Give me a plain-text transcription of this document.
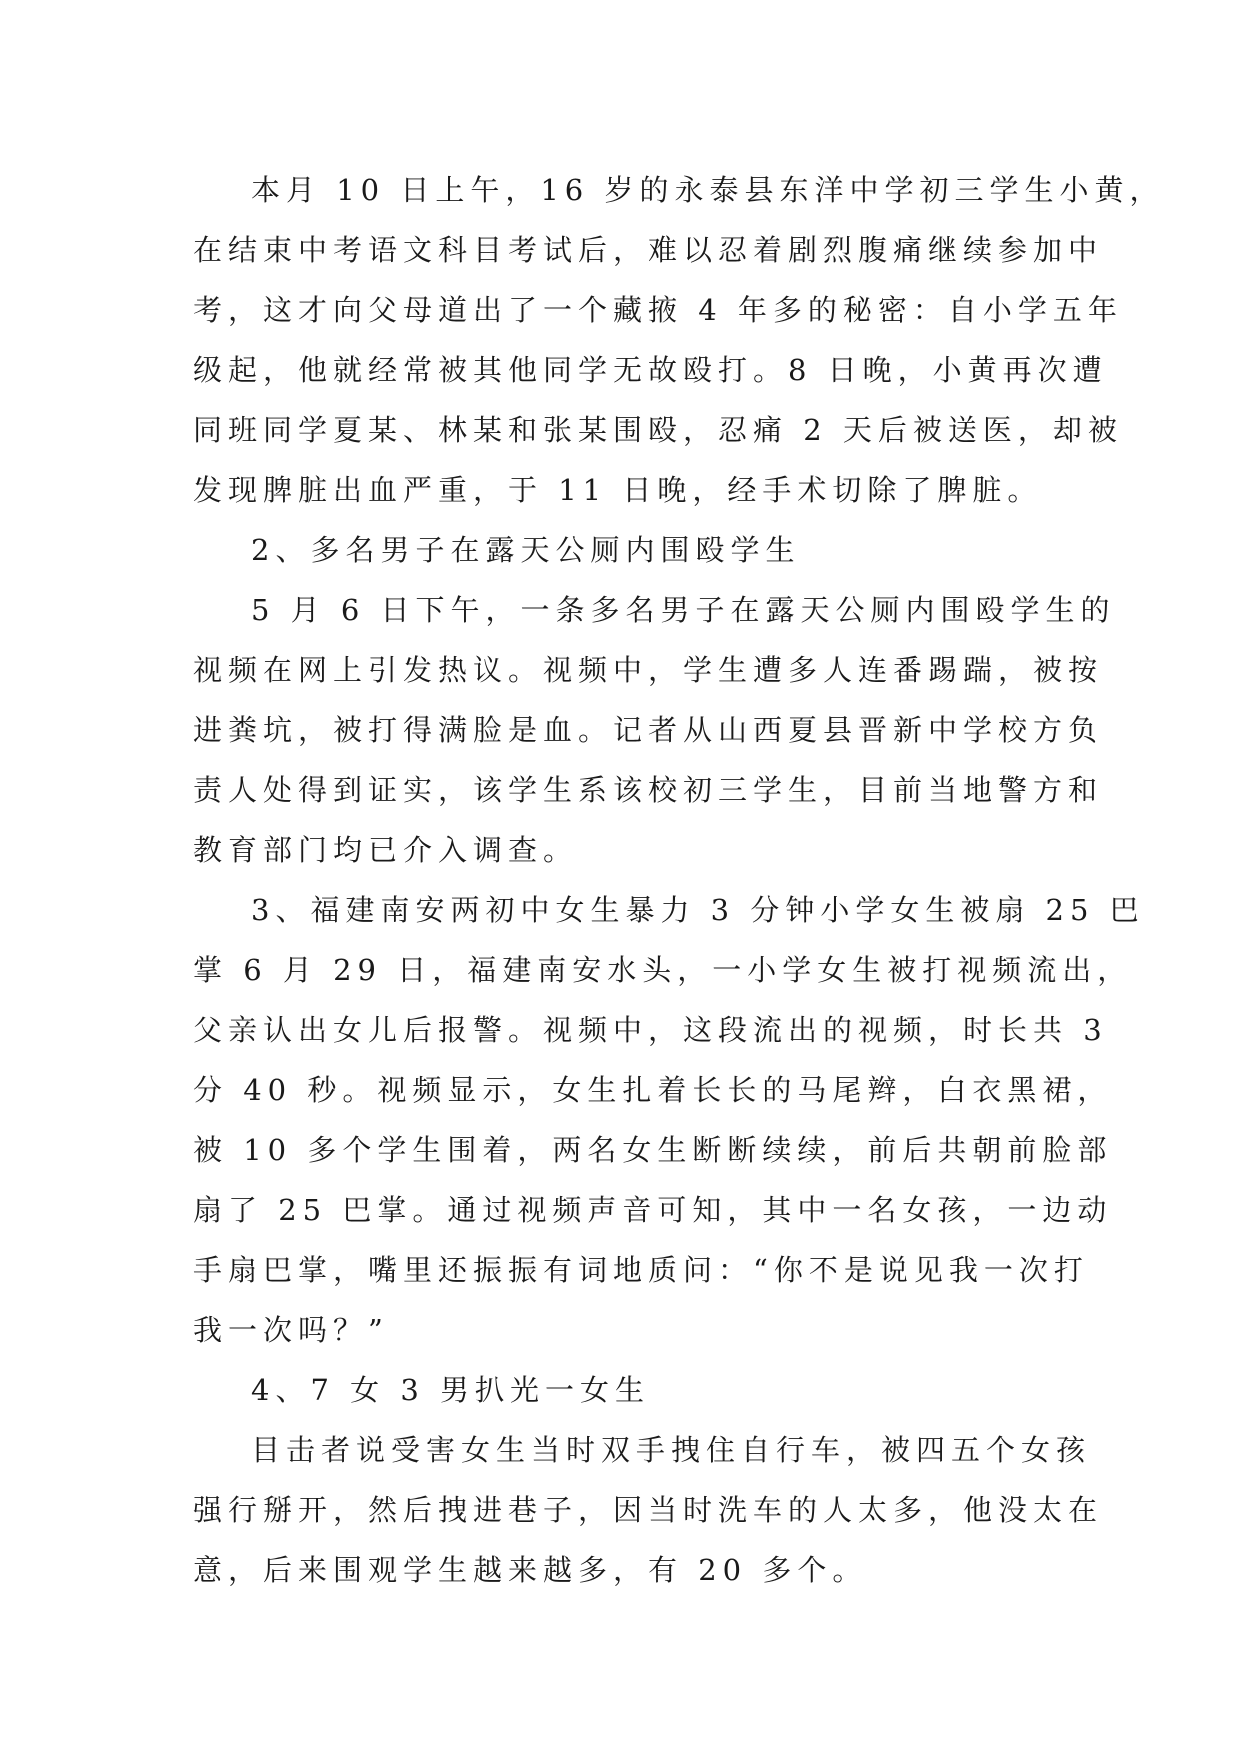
本月 10 日上午，16 岁的永泰县东洋中学初三学生小黄，
在结束中考语文科目考试后，难以忍着剧烈腹痛继续参加中
考，这才向父母道出了一个藏掖 4 年多的秘密：自小学五年
级起，他就经常被其他同学无故殴打。8 日晚，小黄再次遭
同班同学夏某、林某和张某围殴，忍痛 2 天后被送医，却被
发现脾脏出血严重，于 11 日晚，经手术切除了脾脏。
2、多名男子在露天公厕内围殴学生
5 月 6 日下午，一条多名男子在露天公厕内围殴学生的
视频在网上引发热议。视频中，学生遭多人连番踢踹，被按
进粪坑，被打得满脸是血。记者从山西夏县晋新中学校方负
责人处得到证实，该学生系该校初三学生，目前当地警方和
教育部门均已介入调查。
3、福建南安两初中女生暴力 3 分钟小学女生被扇 25 巴
掌 6 月 29 日，福建南安水头，一小学女生被打视频流出，
父亲认出女儿后报警。视频中，这段流出的视频，时长共 3
分 40 秒。视频显示，女生扎着长长的马尾辫，白衣黑裙，
被 10 多个学生围着，两名女生断断续续，前后共朝前脸部
扇了 25 巴掌。通过视频声音可知，其中一名女孩，一边动
手扇巴掌，嘴里还振振有词地质问：“你不是说见我一次打
我一次吗？”
4、7 女 3 男扒光一女生
目击者说受害女生当时双手拽住自行车，被四五个女孩
强行掰开，然后拽进巷子，因当时洗车的人太多，他没太在
意，后来围观学生越来越多，有 20 多个。
